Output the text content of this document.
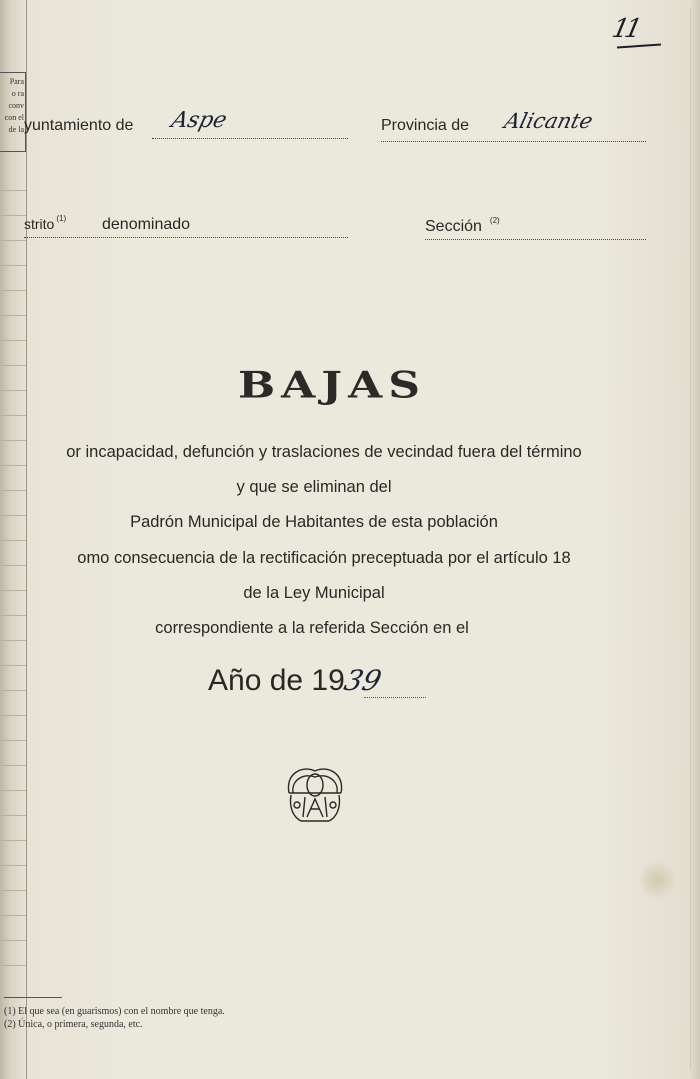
Para
o ra
conv
con el
de la
11
yuntamiento de Aspe	Provincia de Alicante
strito $^{(1)}$ denominado	Sección $^{(2)}$
BAJAS
or incapacidad, defunción y traslaciones de vecindad fuera del término
y que se eliminan del
Padrón Municipal de Habitantes de esta población
omo consecuencia de la rectificación preceptuada por el artículo 18
de la Ley Municipal
correspondiente a la referida Sección en el
Año de 1939
(1) El que sea (en guarismos) con el nombre que tenga.
(2) Única, o primera, segunda, etc.
